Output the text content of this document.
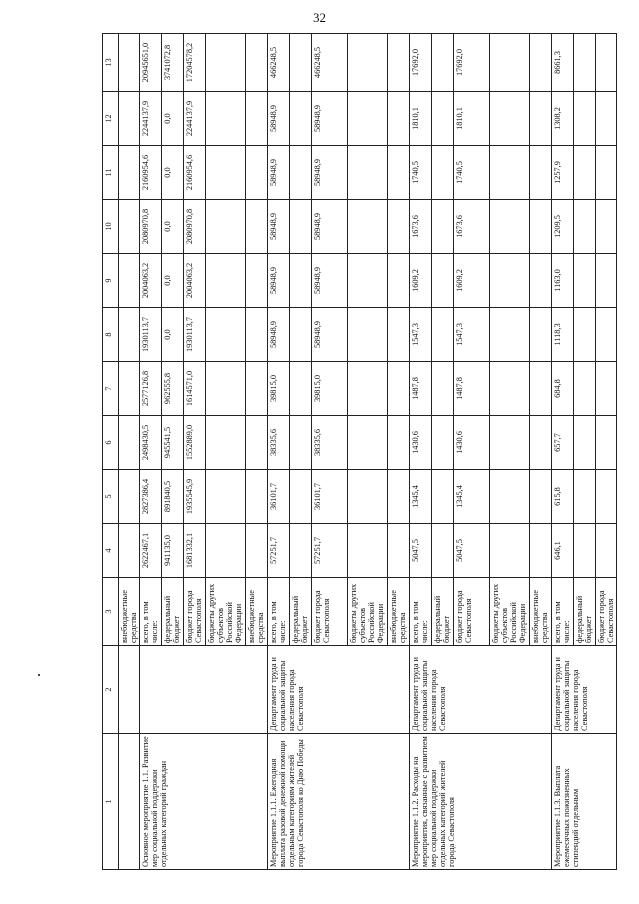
32
1	2	3	4	5	6	7	8	9	10	11	12	13
		внебюджетные средства										
Основное мероприятие 1.1. Развитие мер социальной поддержки отдельных категорий граждан		всего, в том числе:	2622467,1	2827386,4	2498430,5	2577126,8	1930113,7	2004063,2	2080970,8	2160954,6	2244137,9	20945651,0
		федеральный бюджет	941135,0	891840,5	945541,5	962555,8	0,0	0,0	0,0	0,0	0,0	3741072,8
		бюджет города Севастополя	1681332,1	1935545,9	1552889,0	1614571,0	1930113,7	2004063,2	2080970,8	2160954,6	2244137,9	17204578,2
		бюджеты других субъектов Российской Федерации										
		внебюджетные средства										
Мероприятие 1.1.1. Ежегодная выплата разовой денежной помощи отдельным категориям жителей города Севастополя ко Дню Победы	Департамент труда и социальной защиты населения города Севастополя	всего, в том числе:	57251,7	36101,7	38335,6	39815,0	58948,9	58948,9	58948,9	58948,9	58948,9	466248,5
		федеральный бюджет										
		бюджет города Севастополя	57251,7	36101,7	38335,6	39815,0	58948,9	58948,9	58948,9	58948,9	58948,9	466248,5
		бюджеты других субъектов Российской Федерации										
		внебюджетные средства										
Мероприятие 1.1.2. Расходы на мероприятия, связанные с развитием мер социальной поддержки отдельных категорий жителей города Севастополя	Департамент труда и социальной защиты населения города Севастополя	всего, в том числе:	5047,5	1345,4	1430,6	1487,8	1547,3	1609,2	1673,6	1740,5	1810,1	17692,0
		федеральный бюджет										
		бюджет города Севастополя	5047,5	1345,4	1430,6	1487,8	1547,3	1609,2	1673,6	1740,5	1810,1	17692,0
		бюджеты других субъектов Российской Федерации										
		внебюджетные средства										
Мероприятие 1.1.3. Выплата ежемесячных пожизненных стипендий отдельным	Департамент труда и социальной защиты населения города Севастополя	всего, в том числе:	646,1	615,8	657,7	684,8	1118,3	1163,0	1209,5	1257,9	1308,2	8661,3
		федеральный бюджет										
		бюджет города Севастополя										
